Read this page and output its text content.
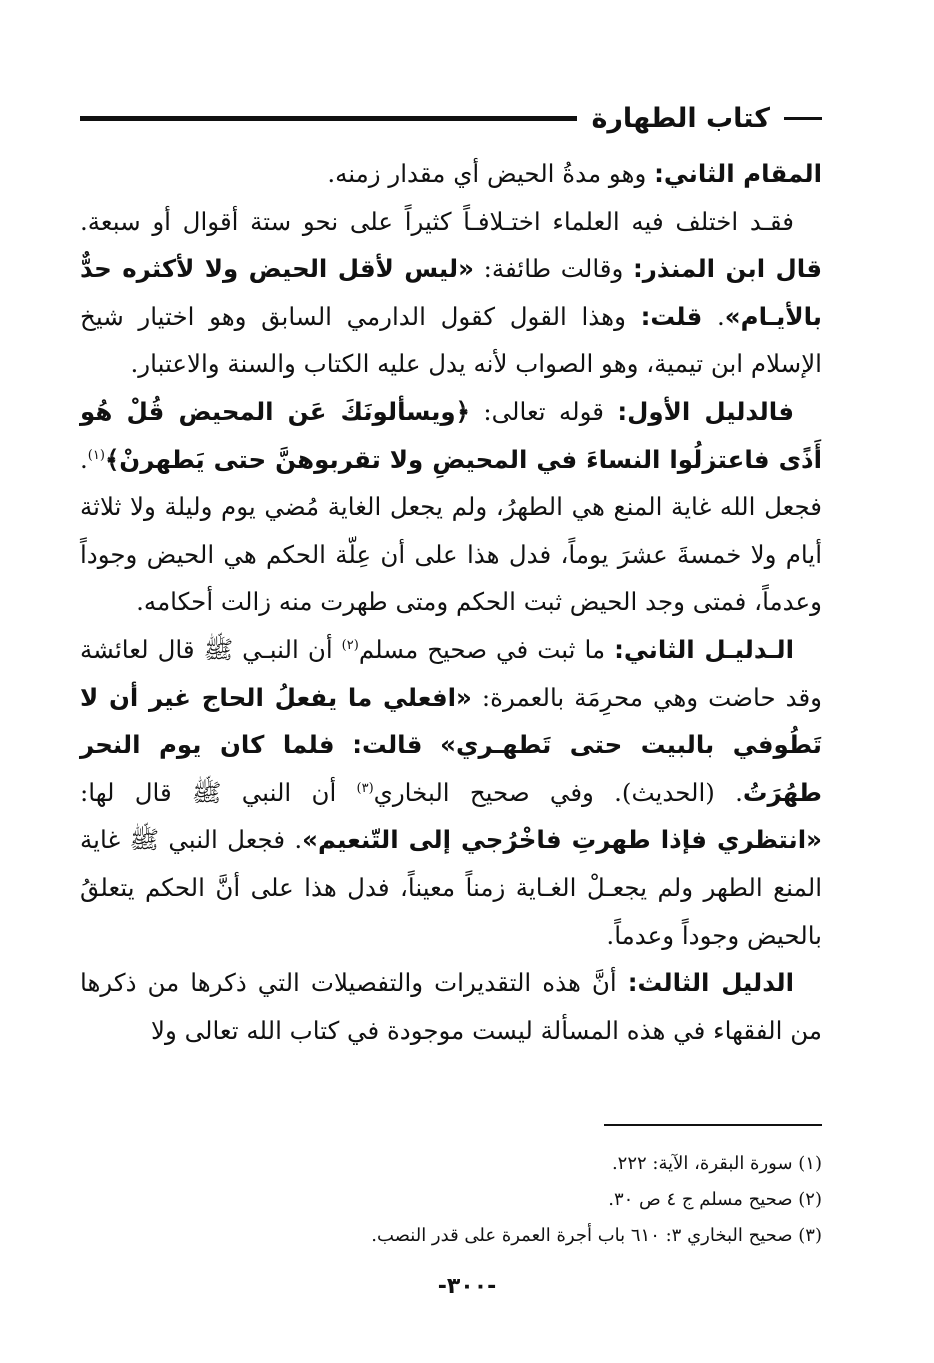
كتاب الطهارة

المقام الثاني: وهو مدةُ الحيض أي مقدار زمنه.

فقـد اختلف فيه العلماء اختـلافـاً كثيراً على نحو ستة أقوال أو سبعة. قال ابن المنذر: وقالت طائفة: «ليس لأقل الحيض ولا لأكثره حدٌّ بالأيـام». قلت: وهذا القول كقول الدارمي السابق وهو اختيار شيخ الإسلام ابن تيمية، وهو الصواب لأنه يدل عليه الكتاب والسنة والاعتبار.

فالدليل الأول: قوله تعالى: ﴿ويسألونَكَ عَن المحيض قُلْ هُو أَذًى فاعتزلُوا النساءَ في المحيضِ ولا تقربوهنَّ حتى يَطهرنْ﴾$^{(١)}$. فجعل الله غاية المنع هي الطهرُ، ولم يجعل الغاية مُضي يوم وليلة ولا ثلاثة أيام ولا خمسةَ عشرَ يوماً، فدل هذا على أن عِلّة الحكم هي الحيض وجوداً وعدماً، فمتى وجد الحيض ثبت الحكم ومتى طهرت منه زالت أحكامه.

الـدليـل الثاني: ما ثبت في صحيح مسلم$^{(٢)}$ أن النبـي ﷺ قال لعائشة وقد حاضت وهي محرِمَة بالعمرة: «افعلي ما يفعلُ الحاج غير أن لا تَطُوفي بالبيت حتى تَطهـري» قالت: فلما كان يوم النحر طهُرَتُ. (الحديث). وفي صحيح البخاري$^{(٣)}$ أن النبي ﷺ قال لها: «انتظري فإذا طهرتِ فاخْرُجي إلى التّنعيم». فجعل النبي ﷺ غاية المنع الطهر ولم يجعـلْ الغـاية زمناً معيناً، فدل هذا على أنَّ الحكم يتعلقُ بالحيض وجوداً وعدماً.

الدليل الثالث: أنَّ هذه التقديرات والتفصيلات التي ذكرها من ذكرها من الفقهاء في هذه المسألة ليست موجودة في كتاب الله تعالى ولا

(١) سورة البقرة، الآية: ٢٢٢.
(٢) صحيح مسلم ج ٤ ص ٣٠.
(٣) صحيح البخاري ٣: ٦١٠ باب أجرة العمرة على قدر النصب.
-٣٠٠-
